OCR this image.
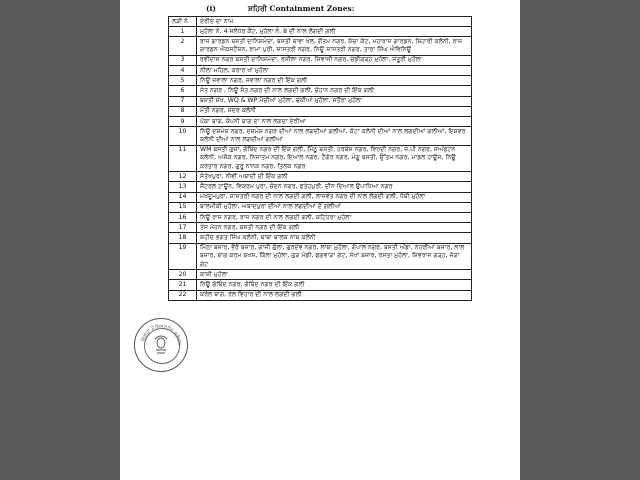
(i)	ਸ਼ਹਿਰੀ Containment Zones:
ਲੜੀ ਨੰ.	ਏਰੀਏ ਦਾ ਨਾਮ
1	ਮੁਹੱਲਾ ਨੰ. 4 ਜਲੰਧਰ ਕੈਂਟ, ਮੁਹੱਲਾ ਨੰ. 8 ਦੀ ਨਾਲ ਲੱਗਦੀ ਗਲੀ
2	ਰਾਜ ਗਾਰਡਨ ਬਸਤੀ ਦਾਨਿਸ਼ਮੰਦਾ, ਬਸਤੀ ਬਾਵਾ ਖੇਲ, ਗੌਤਮ ਨਗਰ, ਕੱਚਾ ਕੋਟ, ਮਹਾਰਾਜ ਗਾਰਡਨ, ਬਿਹਾਰੀ ਕਲੋਨੀ, ਰਾਜ ਗਾਰਡਨ ਐਕਸਟੈਂਸ਼ਨ, ਰਾਮਾ ਪੁਰੀ, ਸ਼ਾਸਤਰੀ ਨਗਰ, ਨਿਊ ਸ਼ਾਸਤਰੀ ਨਗਰ, ਤਾਰਾ ਸਿੰਘ ਐਵਿਨਿਊ
3	ਰਵੀਦਾਸ ਨਗਰ ਬਸਤੀ ਦਾਨਿਸ਼ਮੰਦਾ, ਰਸੀਲਾ ਨਗਰ, ਸਿਵਾਜੀ ਨਗਰ, ਚੰਡੀਗੜ੍ਹ ਮੁਹੱਲਾ, ਸਤੂਰੀ ਮੁਹੱਲਾ
4	ਨੀਲਾ ਮਹਿਲ, ਕਰਾਰ ਖਾਂ ਮੁਹੱਲਾ
5	ਨਿਊ ਜਵਾਲਾ ਨਗਰ, ਜਵਾਲਾ ਨਗਰ ਦੀ ਇੱਕ ਗਲੀ
6	ਸੰਤ ਨਗਰ , ਨਿਊ ਸੰਤ ਨਗਰ ਦੀ ਨਾਲ ਲਗਦੀ ਗਲੀ, ਚੋਹਾਨ ਨਗਰ ਦੀ ਇੱਕ ਗਲੀ
7	ਬਸਤੀ ਸ਼ੇਖ, WQ & WP ਮੋਚੀਆਂ ਮੁਹੱਲਾ, ਢੇਕੀਆਂ ਮੁਹੱਲਾ, ਸਤੌਰਾ ਮੁਹੱਲਾ
8	ਮੋਤੀ ਨਗਰ, ਸਦਰ ਕਲੋਨੀ
9	ਪੱਕਾ ਬਾਗ, ਕੰਪਨੀ ਬਾਗ ਦਾ ਨਾਲ ਲਗਦਾ ਏਰੀਆ
10	ਨਿਊ ਦਸ਼ਮੇਸ਼ ਨਗਰ, ਦਸ਼ਮੇਸ਼ ਨਗਰ ਦੀਆਂ ਨਾਲ ਲਗਦੀਆਂ ਗਲੀਆਂ, ਕੋਟਾ ਕਲੋਨੀ ਦੀਆਂ ਨਾਲ ਲਗਦੀਆਂ ਗਲੀਆਂ, ਇਸ਼ਵਰ ਕਲੋਨੀ ਦੀਆਂ ਨਾਲ ਲਗਦੀਆਂ ਗਲੀਆਂ
11	WM ਬਸਤੀ ਗੁਜਾਂ, ਗੋਬਿੰਦ ਨਗਰ ਦੀ ਇੱਕ ਗਲੀ, ਮਿੱਠੂ ਬਸਤੀ, ਹਰਬੰਸ ਨਗਰ, ਵਿਰਦੀ ਨਗਰ, ਜੇ.ਪੀ ਨਗਰ, ਸਅੰਫਟਨ ਕਲੋਨੀ, ਅਸ਼ੋਕ ਨਗਰ, ਨਿਜਾਤਮ ਨਗਰ, ਇਆਲ ਨਗਰ, ਟੈਗੋਰ ਨਗਰ, ਮੰਗੂ ਬਸਤੀ, ਉੱਤਮ ਨਗਰ, ਮਾਡਲ ਹਾਊਸ, ਨਿਊ ਕਰਤਾਰ ਨਗਰ, ਗੁਰੂ ਨਾਨਕ ਨਗਰ, ਤਿਲਕ ਨਗਰ
12	ਸੰਤੋਖਪੁਰਾ, ਨੀਵੀਂ ਅਬਾਦੀ ਦੀ ਇੱਕ ਗਲੀ
13	ਸੈਂਟਰਲ ਟਾਊਨ, ਵਿਕਰਮ ਪੁਰਾ, ਚੰਦਨ ਨਗਰ, ਫਤੇਹਪੁਰੀ, ਦੀਨ ਦਿਆਲ ਉਪਾਧਿਆ ਨਗਰ
14	ਮਖਦੂਮਪੁਰਾ, ਸ਼ਾਸਤਰੀ ਨਗਰ ਦੀ ਨਾਲ ਲਗਦੀ ਗਲੀ, ਲਾਜਵੰਤ ਨਗਰ ਦੀ ਨਾਲ ਲੱਗਦੀ ਗਲੀ, ਧੋਬੀ ਮੁਹੱਲਾ
15	ਬਾਲਮੀਕੀ ਮੁਹੱਲਾ, ਅਬਾਦਪੁਰਾ ਦੀਆਂ ਨਾਲ ਲਗਦੀਆਂ ਦੋ ਗਲੀਆਂ
16	ਨਿਊ ਰਾਜ ਨਗਰ, ਰਾਜ ਨਗਰ ਦੀ ਨਾਲ ਲਗਦੀ ਗਲੀ, ਕਟਿਹਰਾ ਮੁਹੱਲਾ
17	ਤੇਜ ਮੋਹਨ ਨਗਰ, ਬਸਤੀ ਨਗਰ ਦੀ ਇੱਕ ਗਲੀ
18	ਸ਼ਹੀਦ ਭਗਤ ਸਿੰਘ ਕਲੋਨੀ, ਬਾਬਾ ਬਾਲਕ ਨਾਥ ਕਲੋਨੀ
19	ਮਿੱਠਾ ਬਜ਼ਾਰ, ਭੈਰੋ ਬਜ਼ਾਰ, ਗਾਜੀ ਗੁੱਲਾ, ਗੁਰਦੇਵ ਨਗਰ, ਲਾਂਬਾ ਮੁਹੱਲਾ, ਗੋਪਾਲ ਨਗਰ, ਬਸਤੀ ਅੱਡਾ, ਨੇਹਰੀਆਂ ਬਜ਼ਾਰ, ਲਾਲ ਬਜ਼ਾਰ, ਬਾਗ ਕਰਮ ਬਖਸ਼, ਕਿੱਲਾ ਮੁਹੱਲਾ, ਗੁੜ ਮੰਡੀ, ਫਗਵਾੜਾ ਗੇਟ, ਸੇਖਾਂ ਬਜ਼ਾਰ, ਰਸਤਾ ਮੁਹੱਲਾ, ਸ਼ਿਵਰਾਜ ਗੜ੍ਹ, ਜੋੜਾ ਗੇਟ
20	ਕਾਜ਼ੀ ਮੁਹੱਲਾ
21	ਨਿਊ ਗੋਬਿੰਦ ਨਗਰ, ਗੋਬਿੰਦ ਨਗਰ ਦੀ ਇੱਕ ਗਲੀ
22	ਕਰੋਲ ਬਾਗ, ਰੇਲ ਵਿਹਾਰ ਦੀ ਨਾਲ ਲਗਦੀ ਗਲੀ
ਜ਼ਿਲ੍ਹਾ ਮੈਜਿਸਟ੍ਰੇਟ ਜਲੰਧਰ
